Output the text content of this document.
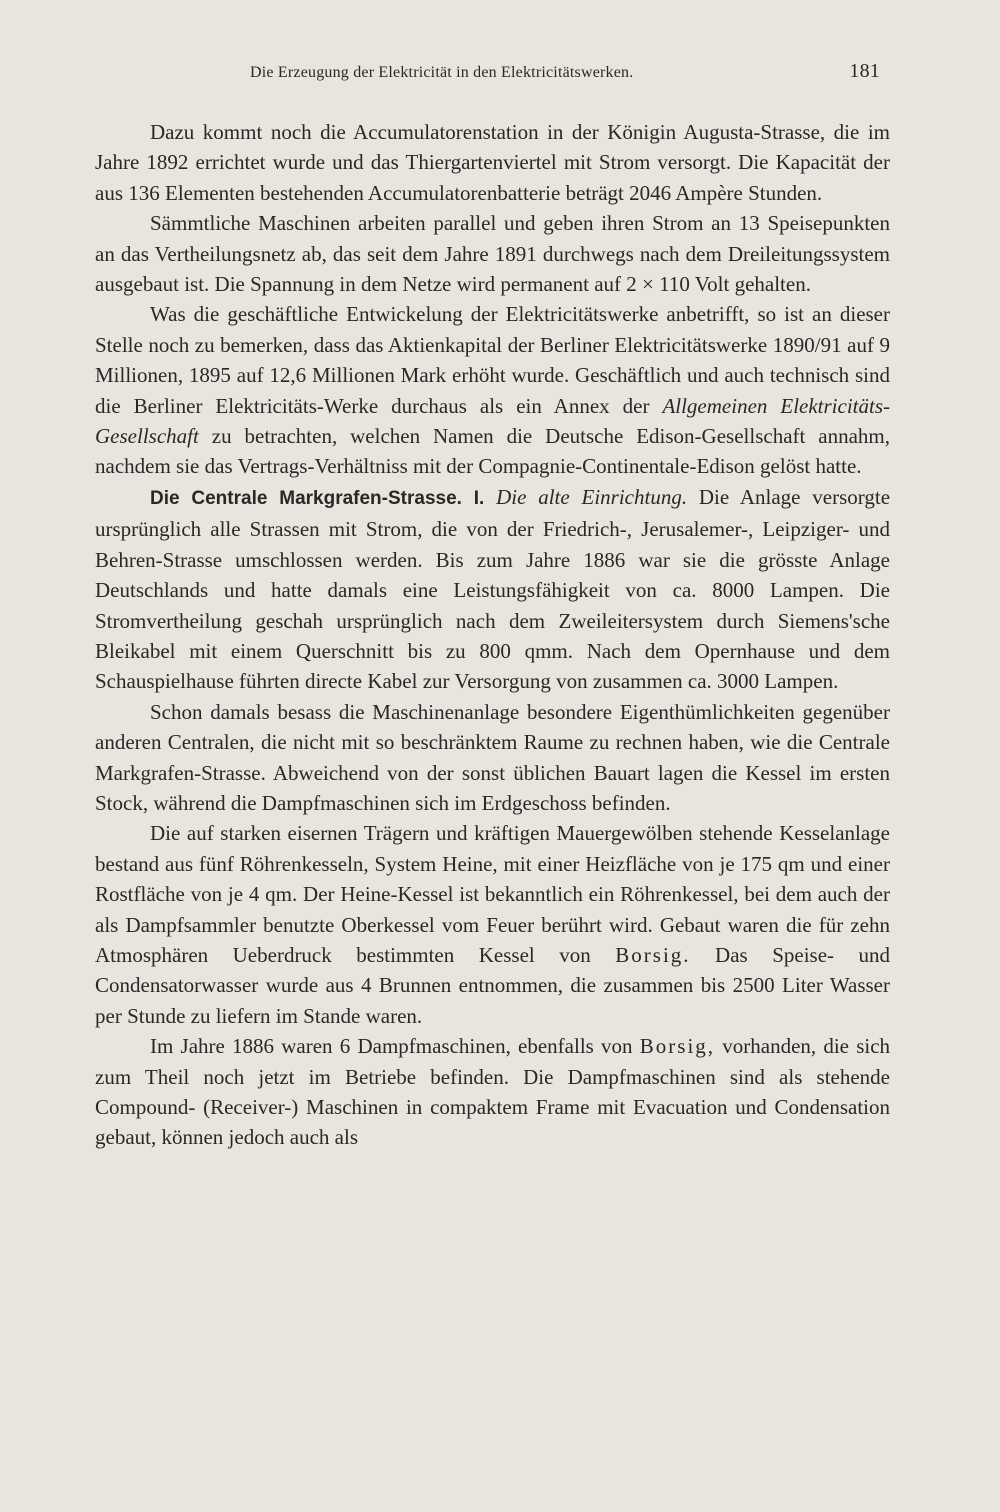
Die Erzeugung der Elektricität in den Elektricitätswerken.	181

Dazu kommt noch die Accumulatorenstation in der Königin Augusta-Strasse, die im Jahre 1892 errichtet wurde und das Thiergartenviertel mit Strom versorgt. Die Kapacität der aus 136 Elementen bestehenden Accumulatorenbatterie beträgt 2046 Ampère Stunden.

Sämmtliche Maschinen arbeiten parallel und geben ihren Strom an 13 Speisepunkten an das Vertheilungsnetz ab, das seit dem Jahre 1891 durchwegs nach dem Dreileitungssystem ausgebaut ist. Die Spannung in dem Netze wird permanent auf 2 × 110 Volt gehalten.

Was die geschäftliche Entwickelung der Elektricitätswerke anbetrifft, so ist an dieser Stelle noch zu bemerken, dass das Aktienkapital der Berliner Elektricitätswerke 1890/91 auf 9 Millionen, 1895 auf 12,6 Millionen Mark erhöht wurde. Geschäftlich und auch technisch sind die Berliner Elektricitäts-Werke durchaus als ein Annex der Allgemeinen Elektricitäts-Gesellschaft zu betrachten, welchen Namen die Deutsche Edison-Gesellschaft annahm, nachdem sie das Vertrags-Verhältniss mit der Compagnie-Continentale-Edison gelöst hatte.

Die Centrale Markgrafen-Strasse. I. Die alte Einrichtung. Die Anlage versorgte ursprünglich alle Strassen mit Strom, die von der Friedrich-, Jerusalemer-, Leipziger- und Behren-Strasse umschlossen werden. Bis zum Jahre 1886 war sie die grösste Anlage Deutschlands und hatte damals eine Leistungsfähigkeit von ca. 8000 Lampen. Die Stromvertheilung geschah ursprünglich nach dem Zweileitersystem durch Siemens'sche Bleikabel mit einem Querschnitt bis zu 800 qmm. Nach dem Opernhause und dem Schauspielhause führten directe Kabel zur Versorgung von zusammen ca. 3000 Lampen.

Schon damals besass die Maschinenanlage besondere Eigenthümlichkeiten gegenüber anderen Centralen, die nicht mit so beschränktem Raume zu rechnen haben, wie die Centrale Markgrafen-Strasse. Abweichend von der sonst üblichen Bauart lagen die Kessel im ersten Stock, während die Dampfmaschinen sich im Erdgeschoss befinden.

Die auf starken eisernen Trägern und kräftigen Mauergewölben stehende Kesselanlage bestand aus fünf Röhrenkesseln, System Heine, mit einer Heizfläche von je 175 qm und einer Rostfläche von je 4 qm. Der Heine-Kessel ist bekanntlich ein Röhrenkessel, bei dem auch der als Dampfsammler benutzte Oberkessel vom Feuer berührt wird. Gebaut waren die für zehn Atmosphären Ueberdruck bestimmten Kessel von Borsig. Das Speise- und Condensatorwasser wurde aus 4 Brunnen entnommen, die zusammen bis 2500 Liter Wasser per Stunde zu liefern im Stande waren.

Im Jahre 1886 waren 6 Dampfmaschinen, ebenfalls von Borsig, vorhanden, die sich zum Theil noch jetzt im Betriebe befinden. Die Dampfmaschinen sind als stehende Compound- (Receiver-) Maschinen in compaktem Frame mit Evacuation und Condensation gebaut, können jedoch auch als
